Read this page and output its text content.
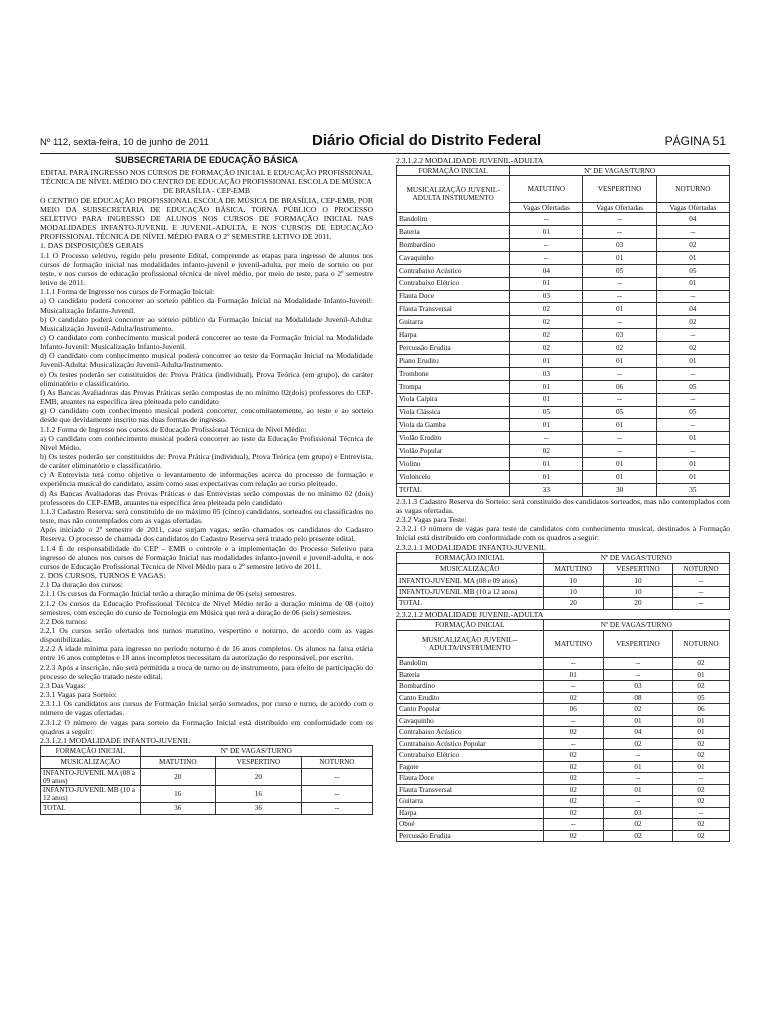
Nº 112, sexta-feira, 10 de junho de 2011	Diário Oficial do Distrito Federal	PÁGINA 51

SUBSECRETARIA DE EDUCAÇÃO BÁSICA

EDITAL PARA INGRESSO NOS CURSOS DE FORMAÇÃO INICIAL E EDUCAÇÃO PROFISSIONAL TÉCNICA DE NÍVEL MÉDIO DO CENTRO DE EDUCAÇÃO PROFISSIONAL ESCOLA DE MÚSICA DE BRASÍLIA - CEP-EMB

O CENTRO DE EDUCAÇÃO PROFISSIONAL ESCOLA DE MÚSICA DE BRASÍLIA, CEP-EMB, POR MEIO DA SUBSECRETARIA DE EDUCAÇÃO BÁSICA, TORNA PÚBLICO O PROCESSO SELETIVO PARA INGRESSO DE ALUNOS NOS CURSOS DE FORMAÇÃO INICIAL NAS MODALIDADES INFANTO-JUVENIL E JUVENIL-ADULTA, E NOS CURSOS DE EDUCAÇÃO PROFISSIONAL TÉCNICA DE NÍVEL MÉDIO PARA O 2º SEMESTRE LETIVO DE 2011.

1. DAS DISPOSIÇÕES GERAIS

1.1 O Processo seletivo, regido pelo presente Edital, compreende as etapas para ingresso de alunos nos cursos de formação inicial nas modalidades infanto-juvenil e juvenil-adulta, por meio de sorteio ou por teste, e nos cursos de educação profissional técnica de nível médio, por meio de teste, para o 2º semestre letivo de 2011.

1.1.1 Forma de Ingresso nos cursos de Formação Inicial:

a) O candidato poderá concorrer ao sorteio público da Formação Inicial na Modalidade Infanto-Juvenil: Musicalização Infanto-Juvenil.

b) O candidato poderá concorrer ao sorteio público da Formação Inicial na Modalidade Juvenil-Adulta: Musicalização Juvenil-Adulta/Instrumento.

c) O candidato com conhecimento musical poderá concorrer ao teste da Formação Inicial na Modalidade Infanto-Juvenil: Musicalização Infanto-Juvenil.

d) O candidato com conhecimento musical poderá concorrer ao teste da Formação Inicial na Modalidade Juvenil-Adulta: Musicalização Juvenil-Adulta/Instrumento.

e) Os testes poderão ser constituídos de: Prova Prática (individual), Prova Teórica (em grupo), de caráter eliminatório e classificatório.

f) As Bancas Avaliadoras das Provas Práticas serão compostas de no mínimo 02(dois) professores do CEP-EMB, atuantes na específica área pleiteada pelo candidato

g) O candidato com conhecimento musical poderá concorrer, concomitantemente, ao teste e ao sorteio desde que devidamente inscrito nas duas formas de ingresso.

1.1.2 Forma de Ingresso nos cursos de Educação Profissional Técnica de Nível Médio:

a) O candidato com conhecimento musical poderá concorrer ao teste da Educação Profissional Técnica de Nível Médio.

b) Os testes poderão ser constituídos de: Prova Prática (individual), Prova Teórica (em grupo) e Entrevista, de caráter eliminatório e classificatório.

c) A Entrevista terá como objetivo o levantamento de informações acerca do processo de formação e experiência musical do candidato, assim como suas expectativas com relação ao curso pleiteado.

d) As Bancas Avaliadoras das Provas Práticas e das Entrevistas serão compostas de no mínimo 02 (dois) professores do CEP-EMB, atuantes na específica área pleiteada pelo candidato

1.1.3 Cadastro Reserva: será constituído de no máximo 05 (cinco) candidatos, sorteados ou classificados no teste, mas não contemplados com as vagas ofertadas.

Após iniciado o 2º semestre de 2011, caso surjam vagas, serão chamados os candidatos do Cadastro Reserva. O processo de chamada dos candidatos do Cadastro Reserva será tratado pelo presente edital.

1.1.4 É de responsabilidade do CEP – EMB o controle e a implementação do Processo Seletivo para ingresso de alunos nos cursos de Formação Inicial nas modalidades infanto-juvenil e juvenil-adulta, e nos cursos de Educação Profissional Técnica de Nível Médio para o 2º semestre letivo de 2011.

2. DOS CURSOS, TURNOS E VAGAS:

2.1 Da duração dos cursos:

2.1.1 Os cursos da Formação Inicial terão a duração mínima de 06 (seis) semestres.

2.1.2 Os cursos da Educação Profissional Técnica de Nível Médio terão a duração mínima de 08 (oito) semestres, com exceção do curso de Tecnologia em Música que terá a duração de 06 (seis) semestres.

2.2 Dos turnos:

2.2.1 Os cursos serão ofertados nos turnos matutino, vespertino e noturno, de acordo com as vagas disponibilizadas.

2.2.2 A idade mínima para ingresso no período noturno é de 16 anos completos. Os alunos na faixa etária entre 16 anos completos e 18 anos incompletos necessitam da autorização do responsável, por escrito.

2.2.3 Após a inscrição, não será permitida a troca de turno ou de instrumento, para efeito de participação do processo de seleção tratado neste edital.

2.3 Das Vagas:

2.3.1 Vagas para Sorteio:

2.3.1.1 Os candidatos aos cursos de Formação Inicial serão sorteados, por curso e turno, de acordo com o número de vagas ofertadas.

2.3.1.2 O número de vagas para sorteio da Formação Inicial está distribuído em conformidade com os quadros a seguir:

2.3.1.2.1 MODALIDADE INFANTO-JUVENIL

FORMAÇÃO INICIAL	Nº DE VAGAS/TURNO		
MUSICALIZAÇÃO	MATUTINO	VESPERTINO	NOTURNO
INFANTO-JUVENIL MA (08 a 09 anos)	20	20	--
INFANTO-JUVENIL MB (10 a 12 anos)	16	16	--
TOTAL	36	36	--

2.3.1.2.2 MODALIDADE JUVENIL-ADULTA

FORMAÇÃO INICIAL	Nº DE VAGAS/TURNO		
MUSICALIZAÇÃO JUVENIL-ADULTA INSTRUMENTO	MATUTINO	VESPERTINO	NOTURNO
	Vagas Ofertadas	Vagas Ofertadas	Vagas Ofertadas
Bandolim	--	--	04
Bateria	01	--	--
Bombardino	--	03	02
Cavaquinho	--	01	01
Contrabaixo Acústico	04	05	05
Contrabaixo Elétrico	01	--	01
Flauta Doce	03	--	--
Flauta Transversal	02	01	04
Guitarra	02	--	02
Harpa	02	03	--
Percussão Erudita	02	02	02
Piano Erudito	01	01	01
Trombone	03	--	--
Trompa	01	06	05
Viola Caipira	01	--	--
Viola Clássica	05	05	05
Viola da Gamba	01	01	--
Violão Erudito	--	--	01
Violão Popular	02	--	--
Violino	01	01	01
Violoncelo	01	01	01
TOTAL	33	30	35

2.3.1.3 Cadastro Reserva do Sorteio: será constituído dos candidatos sorteados, mas não contemplados com as vagas ofertadas.

2.3.2 Vagas para Teste:

2.3.2.1 O número de vagas para teste de candidatos com conhecimento musical, destinados à Formação Inicial está distribuído em conformidade com os quadros a seguir:

2.3.2.1.1 MODALIDADE INFANTO-JUVENIL

FORMAÇÃO INICIAL	Nº DE VAGAS/TURNO		
MUSICALIZAÇÃO	MATUTINO	VESPERTINO	NOTURNO
INFANTO-JUVENIL MA (08 e 09 anos)	10	10	--
INFANTO-JUVENIL MB (10 a 12 anos)	10	10	--
TOTAL	20	20	--

2.3.2.1.2 MODALIDADE JUVENIL-ADULTA

FORMAÇÃO INICIAL	Nº DE VAGAS/TURNO		
MUSICALIZAÇÃO JUVENIL--ADULTA/INSTRUMENTO	MATUTINO	VESPERTINO	NOTURNO
Bandolim	--	--	02
Bateria	01	--	01
Bombardino	--	03	02
Canto Erudito	02	08	05
Canto Popular	06	02	06
Cavaquinho	--	01	01
Contrabaixo Acústico	02	04	01
Contrabaixo Acústico Popular	--	02	02
Contrabaixo Elétrico	02	--	02
Fagote	02	01	01
Flauta Doce	02	--	--
Flauta Transversal	02	01	02
Guitarra	02	--	02
Harpa	02	03	--
Oboé	--	02	02
Percussão Erudita	02	02	02
